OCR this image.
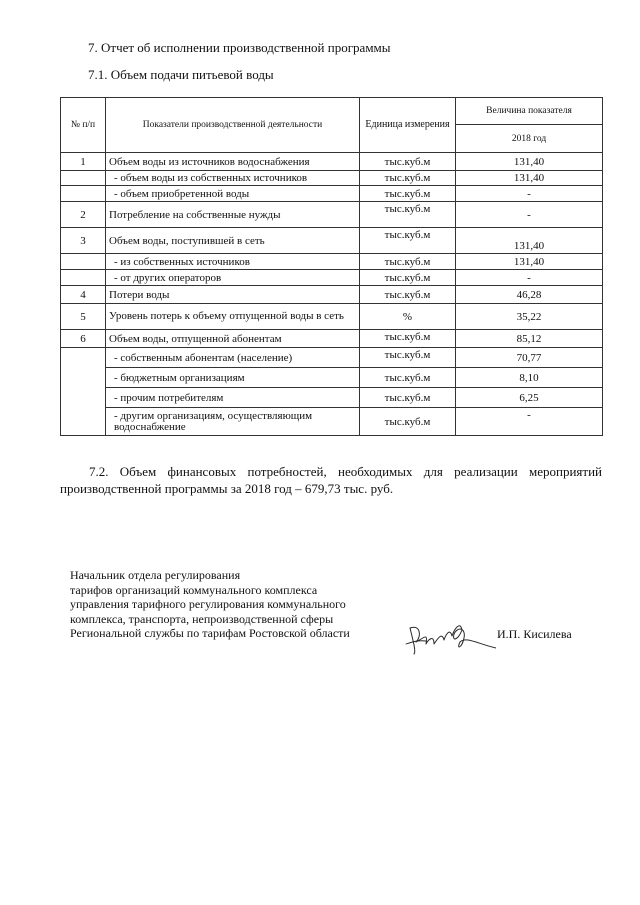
7. Отчет об исполнении производственной программы
7.1. Объем подачи питьевой воды
№ п/п	Показатели производственной деятельности	Единица измерения	Величина показателя
			2018 год
1	Объем воды из источников водоснабжения	тыс.куб.м	131,40
	- объем воды из собственных источников	тыс.куб.м	131,40
	- объем приобретенной воды	тыс.куб.м	-
2	Потребление на собственные нужды	тыс.куб.м	-
3	Объем воды, поступившей в сеть	тыс.куб.м	131,40
	- из собственных источников	тыс.куб.м	131,40
	- от других операторов	тыс.куб.м	-
4	Потери воды	тыс.куб.м	46,28
5	Уровень потерь к объему отпущенной воды в сеть	%	35,22
6	Объем воды, отпущенной абонентам	тыс.куб.м	85,12
	- собственным абонентам (население)	тыс.куб.м	70,77
	- бюджетным организациям	тыс.куб.м	8,10
	- прочим потребителям	тыс.куб.м	6,25
	- другим организациям, осуществляющим водоснабжение	тыс.куб.м	-

7.2. Объем финансовых потребностей, необходимых для реализации мероприятий производственной программы за 2018 год – 679,73 тыс. руб.

Начальник отдела регулирования
тарифов организаций коммунального комплекса
управления тарифного регулирования коммунального
комплекса, транспорта, непроизводственной сферы
Региональной службы по тарифам Ростовской области	И.П. Кисилева
